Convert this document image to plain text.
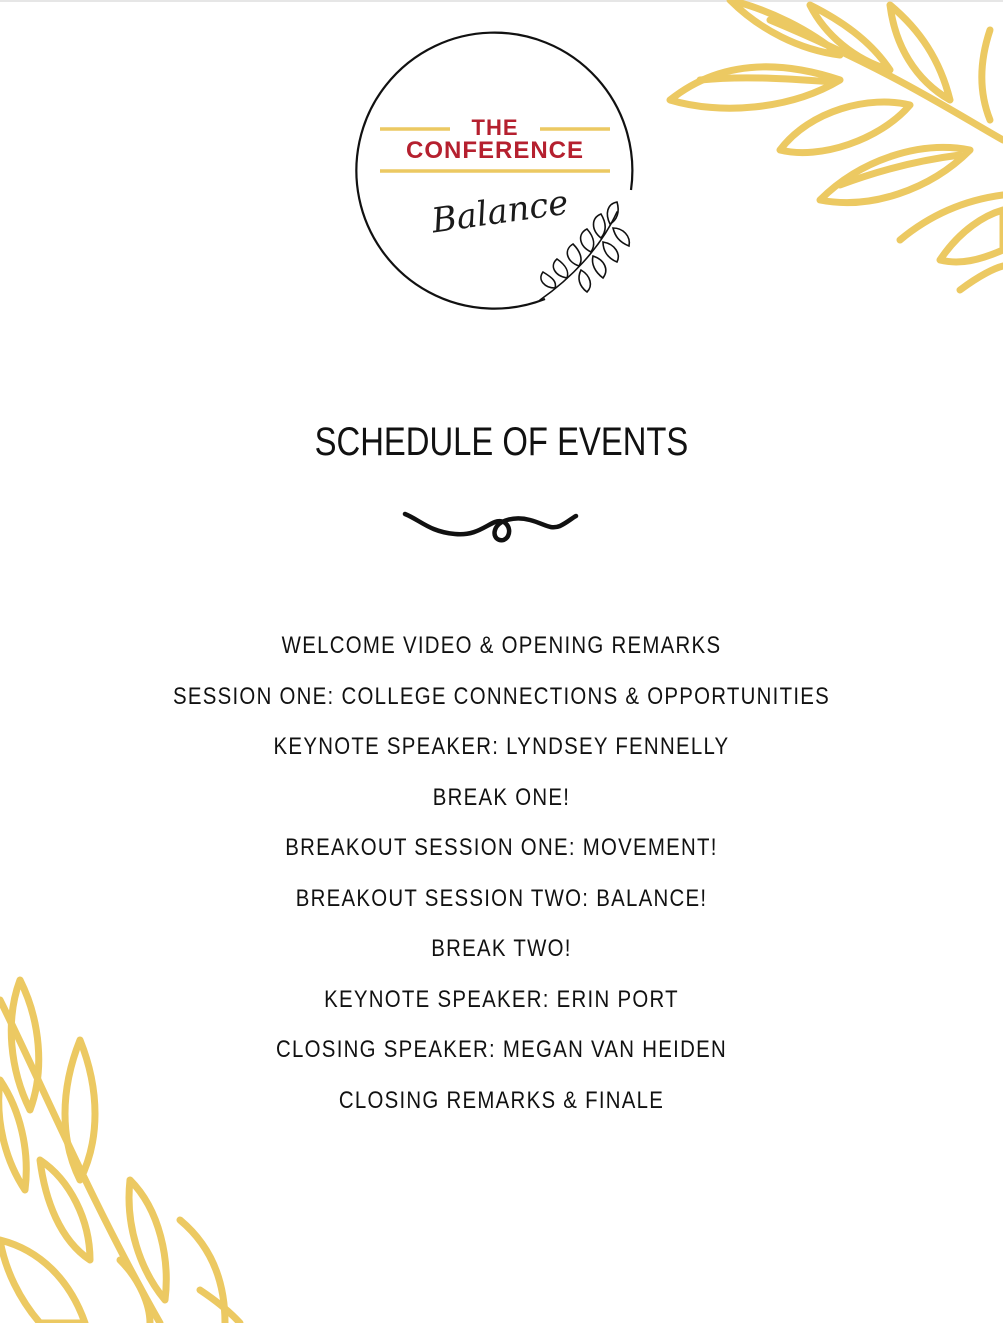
THE
CONFERENCE
Balance
SCHEDULE OF EVENTS
WELCOME VIDEO & OPENING REMARKS
SESSION ONE: COLLEGE CONNECTIONS & OPPORTUNITIES
KEYNOTE SPEAKER: LYNDSEY FENNELLY
BREAK ONE!
BREAKOUT SESSION ONE: MOVEMENT!
BREAKOUT SESSION TWO: BALANCE!
BREAK TWO!
KEYNOTE SPEAKER: ERIN PORT
CLOSING SPEAKER: MEGAN VAN HEIDEN
CLOSING REMARKS & FINALE
